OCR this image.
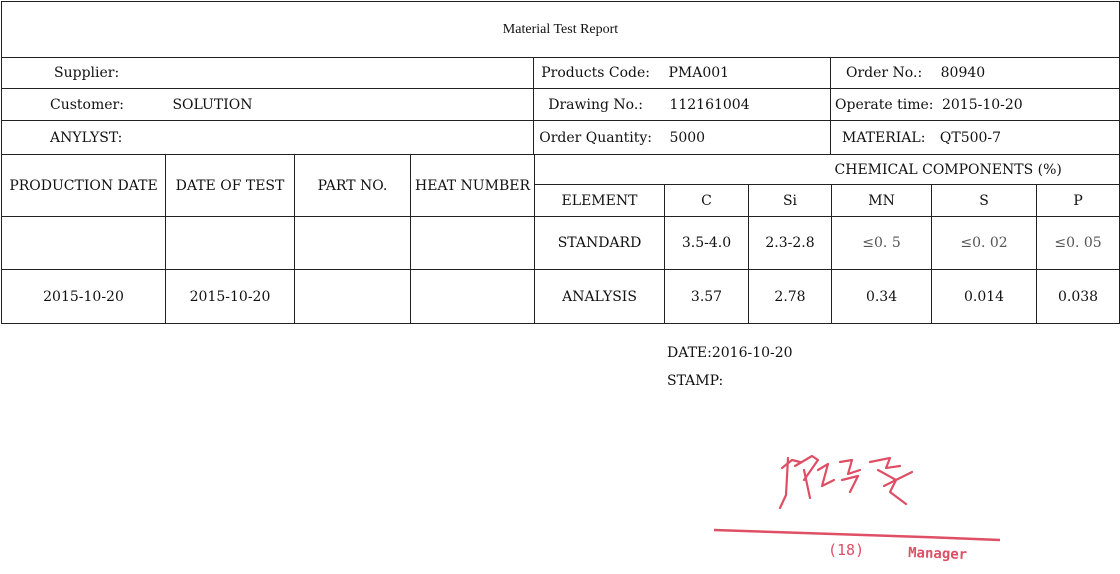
Material Test Report
Supplier:	Products Code: PMA001	Order No.: 80940
Customer: SOLUTION	Drawing No.: 112161004	Operate time: 2015-10-20
ANYLYST:	Order Quantity: 5000	MATERIAL: QT500-7
PRODUCTION DATE	DATE OF TEST	PART NO.	HEAT NUMBER				CHEMICAL COMPONENTS (%)		
				ELEMENT	C	Si	MN	S	P
				STANDARD	3.5-4.0	2.3-2.8	≤0. 5	≤0. 02	≤0. 05
2015-10-20	2015-10-20			ANALYSIS	3.57	2.78	0.34	0.014	0.038
DATE:2016-10-20
STAMP:
(18)	Manager
